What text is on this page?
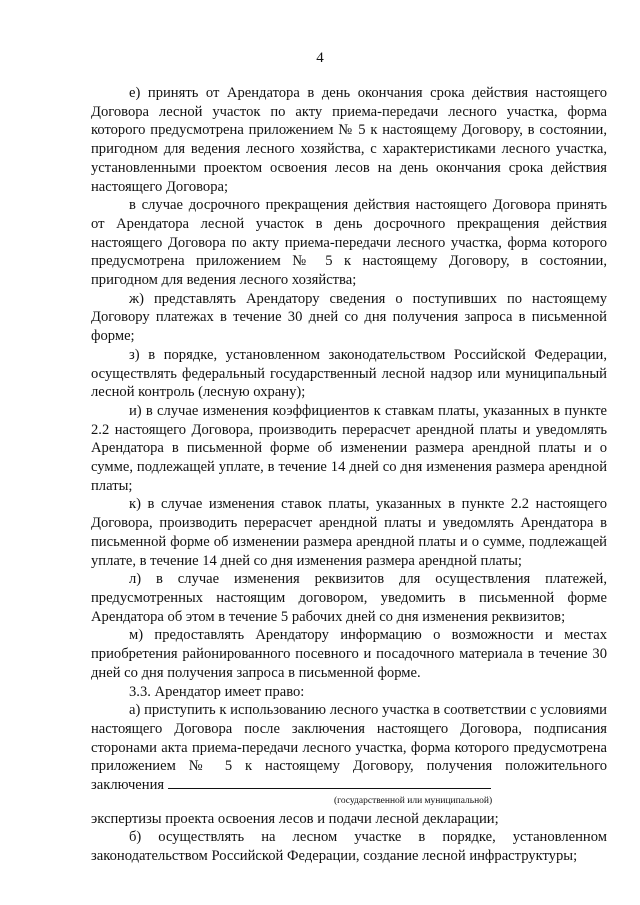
4

е) принять от Арендатора в день окончания срока действия настоящего Договора лесной участок по акту приема-передачи лесного участка, форма которого предусмотрена приложением № 5 к настоящему Договору, в состоянии, пригодном для ведения лесного хозяйства, с характеристиками лесного участка, установленными проектом освоения лесов на день окончания срока действия настоящего Договора;

в случае досрочного прекращения действия настоящего Договора принять от Арендатора лесной участок в день досрочного прекращения действия настоящего Договора по акту приема-передачи лесного участка, форма которого предусмотрена приложением № 5 к настоящему Договору, в состоянии, пригодном для ведения лесного хозяйства;

ж) представлять Арендатору сведения о поступивших по настоящему Договору платежах в течение 30 дней со дня получения запроса в письменной форме;

з) в порядке, установленном законодательством Российской Федерации, осуществлять федеральный государственный лесной надзор или муниципальный лесной контроль (лесную охрану);

и) в случае изменения коэффициентов к ставкам платы, указанных в пункте 2.2 настоящего Договора, производить перерасчет арендной платы и уведомлять Арендатора в письменной форме об изменении размера арендной платы и о сумме, подлежащей уплате, в течение 14 дней со дня изменения размера арендной платы;

к) в случае изменения ставок платы, указанных в пункте 2.2 настоящего Договора, производить перерасчет арендной платы и уведомлять Арендатора в письменной форме об изменении размера арендной платы и о сумме, подлежащей уплате, в течение 14 дней со дня изменения размера арендной платы;

л) в случае изменения реквизитов для осуществления платежей, предусмотренных настоящим договором, уведомить в письменной форме Арендатора об этом в течение 5 рабочих дней со дня изменения реквизитов;

м) предоставлять Арендатору информацию о возможности и местах приобретения районированного посевного и посадочного материала в течение 30 дней со дня получения запроса в письменной форме.

3.3. Арендатор имеет право:

а) приступить к использованию лесного участка в соответствии с условиями настоящего Договора после заключения настоящего Договора, подписания сторонами акта приема-передачи лесного участка, форма которого предусмотрена приложением № 5 к настоящему Договору, получения положительного заключения

(государственной или муниципальной)

экспертизы проекта освоения лесов и подачи лесной декларации;

б) осуществлять на лесном участке в порядке, установленном законодательством Российской Федерации, создание лесной инфраструктуры;
